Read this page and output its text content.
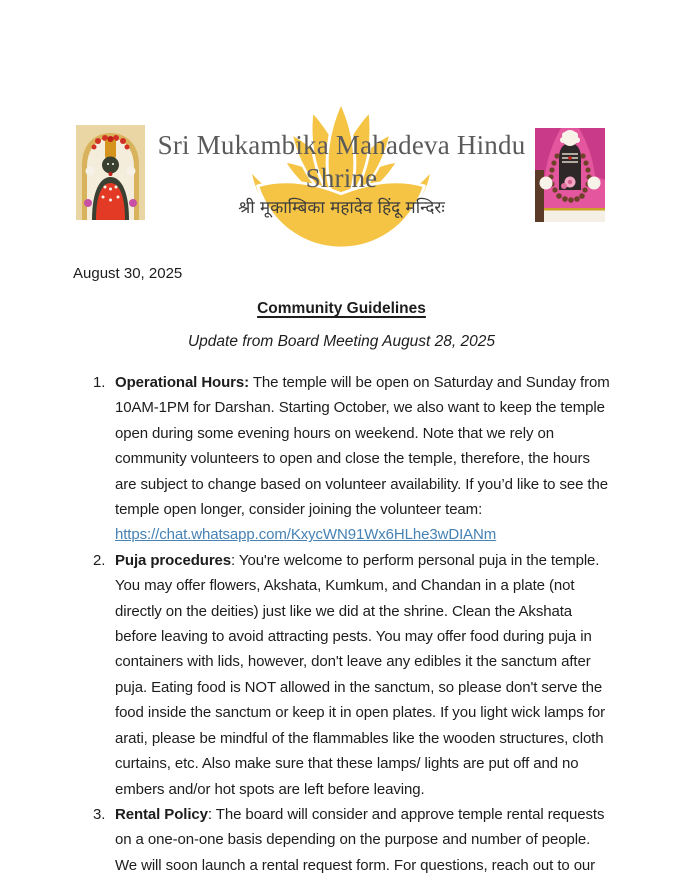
Sri Mukambika Mahadeva Hindu
Shrine
श्री मूकाम्बिका महादेव हिंदू मन्दिरः

August 30, 2025

Community Guidelines

Update from Board Meeting August 28, 2025

1. Operational Hours: The temple will be open on Saturday and Sunday from 10AM-1PM for Darshan. Starting October, we also want to keep the temple open during some evening hours on weekend. Note that we rely on community volunteers to open and close the temple, therefore, the hours are subject to change based on volunteer availability. If you’d like to see the temple open longer, consider joining the volunteer team:
https://chat.whatsapp.com/KxycWN91Wx6HLhe3wDIANm
2. Puja procedures: You're welcome to perform personal puja in the temple. You may offer flowers, Akshata, Kumkum, and Chandan in a plate (not directly on the deities) just like we did at the shrine. Clean the Akshata before leaving to avoid attracting pests. You may offer food during puja in containers with lids, however, don't leave any edibles it the sanctum after puja. Eating food is NOT allowed in the sanctum, so please don't serve the food inside the sanctum or keep it in open plates. If you light wick lamps for arati, please be mindful of the flammables like the wooden structures, cloth curtains, etc. Also make sure that these lamps/ lights are put off and no embers and/or hot spots are left before leaving.
3. Rental Policy: The board will consider and approve temple rental requests on a one-on-one basis depending on the purpose and number of people. We will soon launch a rental request form. For questions, reach out to our
